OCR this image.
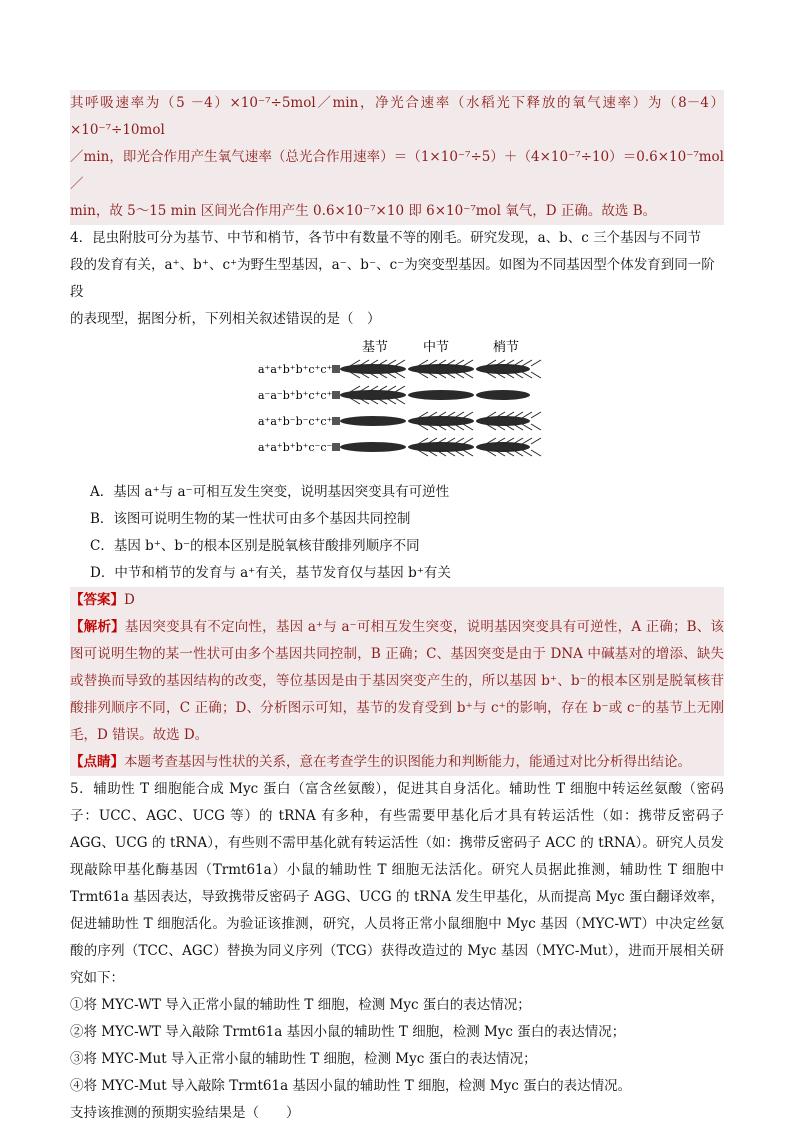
其呼吸速率为（5 －4）×10⁻⁷÷5mol／min，净光合速率（水稻光下释放的氧气速率）为（8－4）×10⁻⁷÷10mol

／min，即光合作用产生氧气速率（总光合作用速率）＝（1×10⁻⁷÷5）＋（4×10⁻⁷÷10）＝0.6×10⁻⁷mol／

min，故 5～15 min 区间光合作用产生 0.6×10⁻⁷×10 即 6×10⁻⁷mol 氧气，D 正确。故选 B。

4．昆虫附肢可分为基节、中节和梢节，各节中有数量不等的刚毛。研究发现，a、b、c 三个基因与不同节

段的发育有关，a⁺、b⁺、c⁺为野生型基因，a⁻、b⁻、c⁻为突变型基因。如图为不同基因型个体发育到同一阶段

的表现型，据图分析，下列相关叙述错误的是（　）

基节	中节	梢节
a⁺a⁺b⁺b⁺c⁺c⁺
a⁻a⁻b⁺b⁺c⁺c⁺
a⁺a⁺b⁻b⁻c⁺c⁺
a⁺a⁺b⁺b⁺c⁻c⁻

A．基因 a⁺与 a⁻可相互发生突变，说明基因突变具有可逆性

B．该图可说明生物的某一性状可由多个基因共同控制

C．基因 b⁺、b⁻的根本区别是脱氧核苷酸排列顺序不同

D．中节和梢节的发育与 a⁺有关，基节发育仅与基因 b⁺有关

【答案】D

【解析】基因突变具有不定向性，基因 a⁺与 a⁻可相互发生突变，说明基因突变具有可逆性，A 正确；B、该图可说明生物的某一性状可由多个基因共同控制，B 正确；C、基因突变是由于 DNA 中碱基对的增添、缺失或替换而导致的基因结构的改变，等位基因是由于基因突变产生的，所以基因 b⁺、b⁻的根本区别是脱氧核苷酸排列顺序不同，C 正确；D、分析图示可知，基节的发育受到 b⁺与 c⁺的影响，存在 b⁻或 c⁻的基节上无刚毛，D 错误。故选 D。

【点睛】本题考查基因与性状的关系，意在考查学生的识图能力和判断能力，能通过对比分析得出结论。

5．辅助性 T 细胞能合成 Myc 蛋白（富含丝氨酸），促进其自身活化。辅助性 T 细胞中转运丝氨酸（密码子：UCC、AGC、UCG 等）的 tRNA 有多种，有些需要甲基化后才具有转运活性（如：携带反密码子 AGG、UCG 的 tRNA），有些则不需甲基化就有转运活性（如：携带反密码子 ACC 的 tRNA）。研究人员发现敲除甲基化酶基因（Trmt61a）小鼠的辅助性 T 细胞无法活化。研究人员据此推测，辅助性 T 细胞中 Trmt61a 基因表达，导致携带反密码子 AGG、UCG 的 tRNA 发生甲基化，从而提高 Myc 蛋白翻译效率，促进辅助性 T 细胞活化。为验证该推测，研究，人员将正常小鼠细胞中 Myc 基因（MYC-WT）中决定丝氨酸的序列（TCC、AGC）替换为同义序列（TCG）获得改造过的 Myc 基因（MYC-Mut），进而开展相关研究如下：

①将 MYC-WT 导入正常小鼠的辅助性 T 细胞，检测 Myc 蛋白的表达情况；

②将 MYC-WT 导入敲除 Trmt61a 基因小鼠的辅助性 T 细胞，检测 Myc 蛋白的表达情况；

③将 MYC-Mut 导入正常小鼠的辅助性 T 细胞，检测 Myc 蛋白的表达情况；

④将 MYC-Mut 导入敲除 Trmt61a 基因小鼠的辅助性 T 细胞，检测 Myc 蛋白的表达情况。

支持该推测的预期实验结果是（　　）
